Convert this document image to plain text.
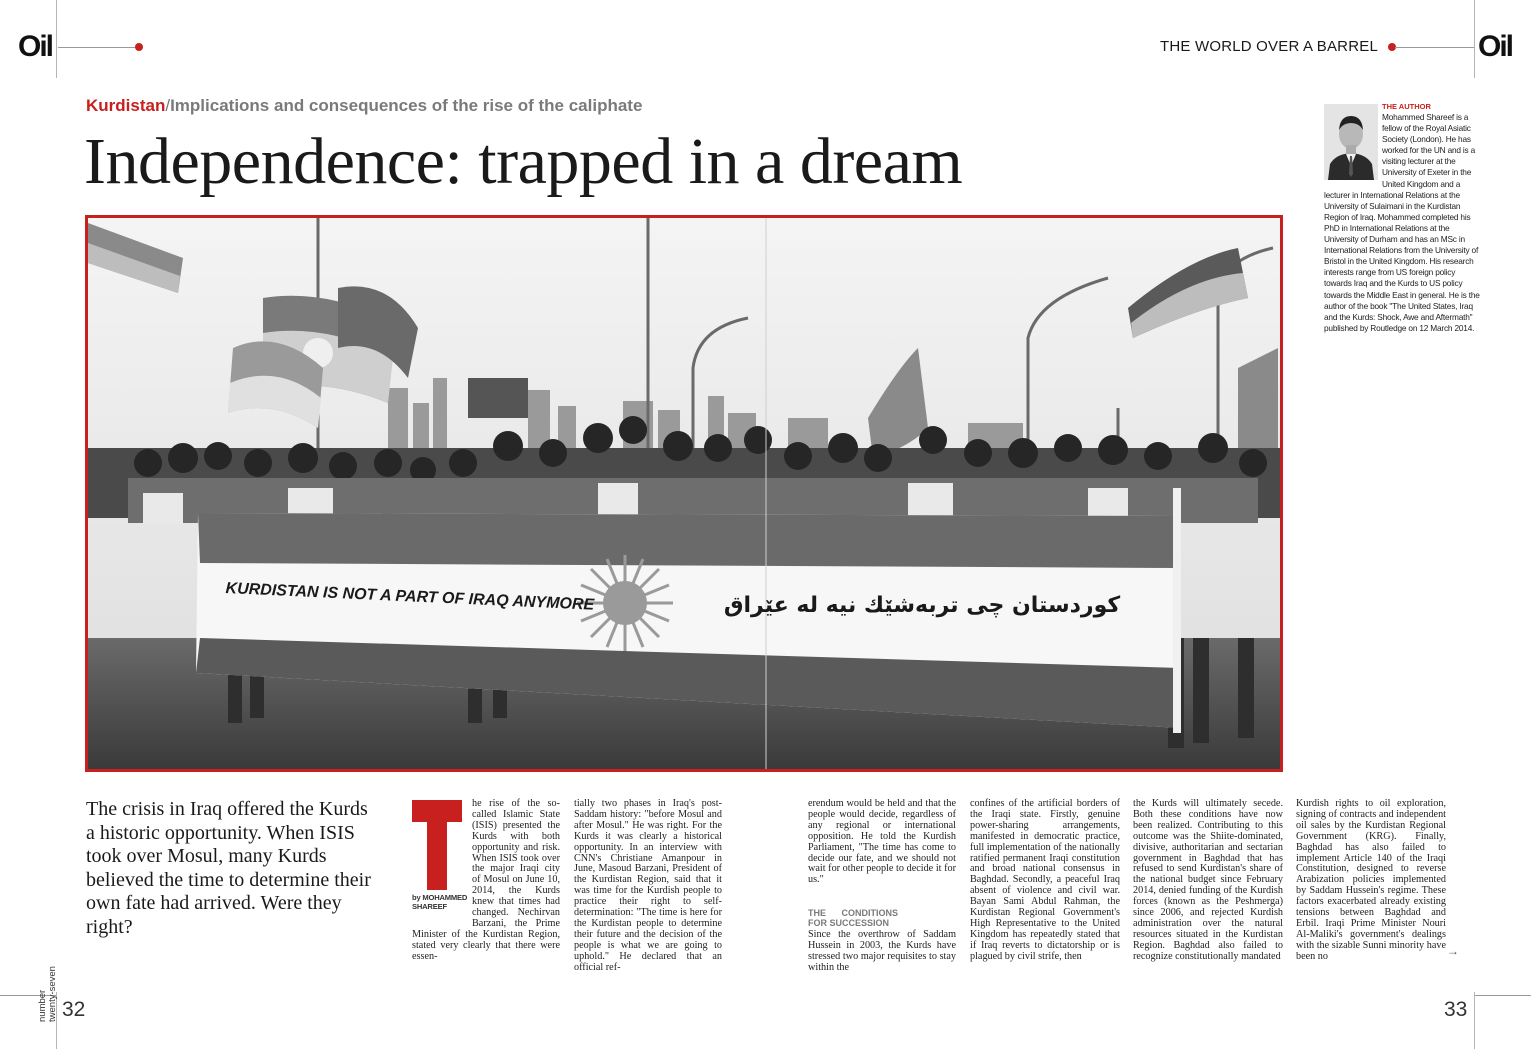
Oil	THE WORLD OVER A BARREL	Oil
Kurdistan/Implications and consequences of the rise of the caliphate
Independence: trapped in a dream
THE AUTHOR
Mohammed Shareef is a fellow of the Royal Asiatic Society (London). He has worked for the UN and is a visiting lecturer at the University of Exeter in the United Kingdom and a lecturer in International Relations at the University of Sulaimani in the Kurdistan Region of Iraq. Mohammed completed his PhD in International Relations at the University of Durham and has an MSc in International Relations from the University of Bristol in the United Kingdom. His research interests range from US foreign policy towards Iraq and the Kurds to US policy towards the Middle East in general. He is the author of the book "The United States, Iraq and the Kurds: Shock, Awe and Aftermath" published by Routledge on 12 March 2014.
KURDISTAN IS NOT A PART OF IRAQ ANYMORE	كوردستان چی تربەشێك نیە لە عێراق
The crisis in Iraq offered the Kurds a historic opportunity. When ISIS took over Mosul, many Kurds believed the time to determine their own fate had arrived. Were they right?
by MOHAMMED SHAREEF
he rise of the so-called Islamic State (ISIS) presented the Kurds with both opportunity and risk. When ISIS took over the major Iraqi city of Mosul on June 10, 2014, the Kurds knew that times had changed. Nechirvan Barzani, the Prime Minister of the Kurdistan Region, stated very clearly that there were essen-
tially two phases in Iraq's post-Saddam history: "before Mosul and after Mosul." He was right. For the Kurds it was clearly a historical opportunity. In an interview with CNN's Christiane Amanpour in June, Masoud Barzani, President of the Kurdistan Region, said that it was time for the Kurdish people to practice their right to self-determination: "The time is here for the Kurdistan people to determine their future and the decision of the people is what we are going to uphold." He declared that an official ref-

erendum would be held and that the people would decide, regardless of any regional or international opposition. He told the Kurdish Parliament, "The time has come to decide our fate, and we should not wait for other people to decide it for us."

THE CONDITIONS FOR SUCCESSION

Since the overthrow of Saddam Hussein in 2003, the Kurds have stressed two major requisites to stay within the

confines of the artificial borders of the Iraqi state. Firstly, genuine power-sharing arrangements, manifested in democratic practice, full implementation of the nationally ratified permanent Iraqi constitution and broad national consensus in Baghdad. Secondly, a peaceful Iraq absent of violence and civil war. Bayan Sami Abdul Rahman, the Kurdistan Regional Government's High Representative to the United Kingdom has repeatedly stated that if Iraq reverts to dictatorship or is plagued by civil strife, then
the Kurds will ultimately secede. Both these conditions have now been realized. Contributing to this outcome was the Shiite-dominated, divisive, authoritarian and sectarian government in Baghdad that has refused to send Kurdistan's share of the national budget since February 2014, denied funding of the Kurdish forces (known as the Peshmerga) since 2006, and rejected Kurdish administration over the natural resources situated in the Kurdistan Region. Baghdad also failed to recognize constitutionally mandated
Kurdish rights to oil exploration, signing of contracts and independent oil sales by the Kurdistan Regional Government (KRG). Finally, Baghdad has also failed to implement Article 140 of the Iraqi Constitution, designed to reverse Arabization policies implemented by Saddam Hussein's regime. These factors exacerbated already existing tensions between Baghdad and Erbil. Iraqi Prime Minister Nouri Al-Maliki's government's dealings with the sizable Sunni minority have been no	→
number twenty-seven 32	33
